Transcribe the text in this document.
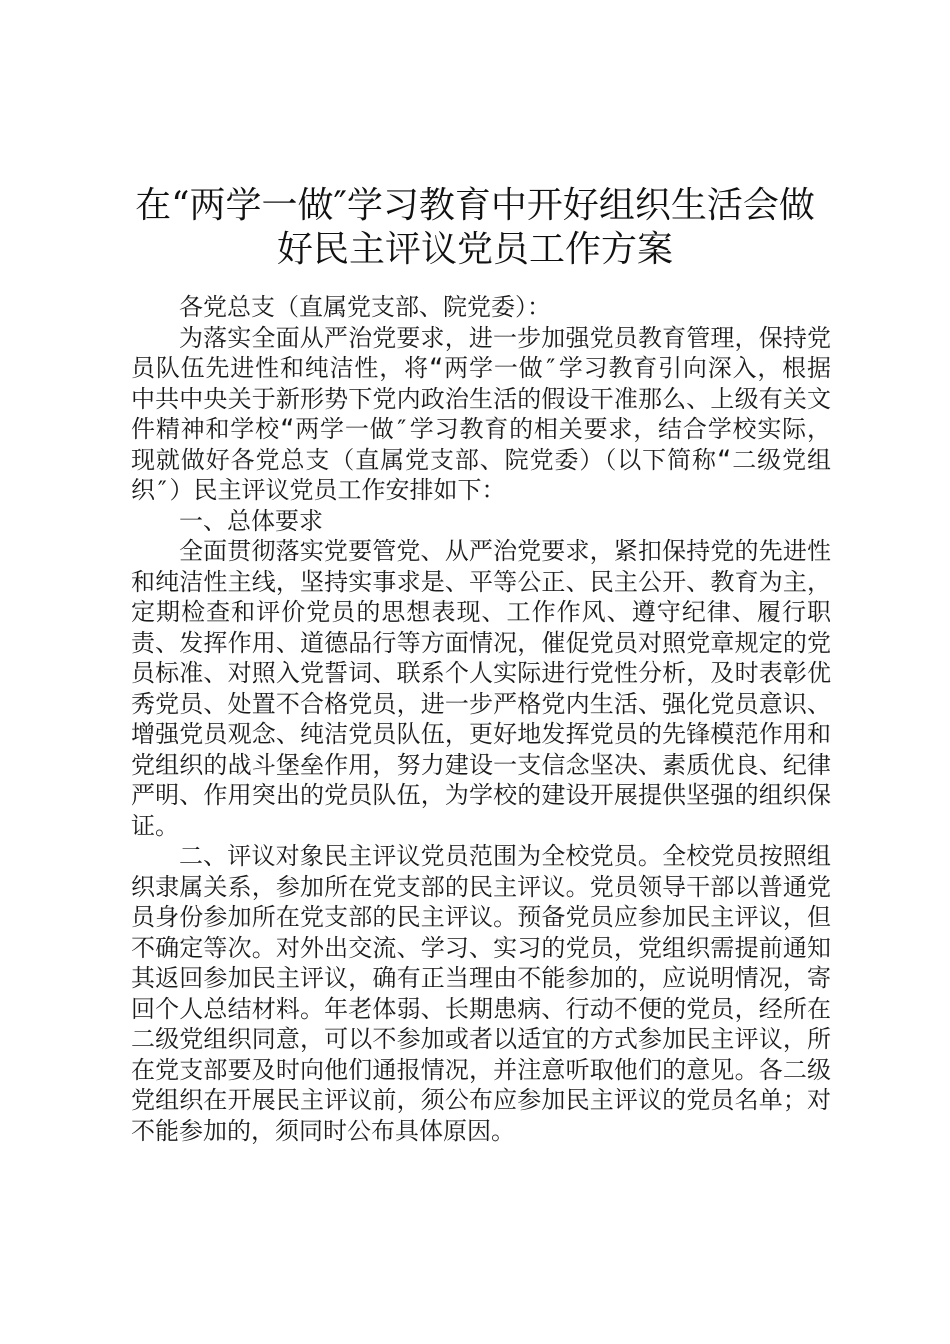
在“两学一做″学习教育中开好组织生活会做
好民主评议党员工作方案

各党总支（直属党支部、院党委）：

为落实全面从严治党要求，进一步加强党员教育管理，保持党员队伍先进性和纯洁性，将“两学一做″学习教育引向深入，根据中共中央关于新形势下党内政治生活的假设干准那么、上级有关文件精神和学校“两学一做″学习教育的相关要求，结合学校实际，现就做好各党总支（直属党支部、院党委）（以下简称“二级党组织″）民主评议党员工作安排如下：

一、总体要求

全面贯彻落实党要管党、从严治党要求，紧扣保持党的先进性和纯洁性主线，坚持实事求是、平等公正、民主公开、教育为主，定期检查和评价党员的思想表现、工作作风、遵守纪律、履行职责、发挥作用、道德品行等方面情况，催促党员对照党章规定的党员标准、对照入党誓词、联系个人实际进行党性分析，及时表彰优秀党员、处置不合格党员，进一步严格党内生活、强化党员意识、增强党员观念、纯洁党员队伍，更好地发挥党员的先锋模范作用和党组织的战斗堡垒作用，努力建设一支信念坚决、素质优良、纪律严明、作用突出的党员队伍，为学校的建设开展提供坚强的组织保证。

二、评议对象民主评议党员范围为全校党员。全校党员按照组织隶属关系，参加所在党支部的民主评议。党员领导干部以普通党员身份参加所在党支部的民主评议。预备党员应参加民主评议，但不确定等次。对外出交流、学习、实习的党员，党组织需提前通知其返回参加民主评议，确有正当理由不能参加的，应说明情况，寄回个人总结材料。年老体弱、长期患病、行动不便的党员，经所在二级党组织同意，可以不参加或者以适宜的方式参加民主评议，所在党支部要及时向他们通报情况，并注意听取他们的意见。各二级党组织在开展民主评议前，须公布应参加民主评议的党员名单；对不能参加的，须同时公布具体原因。
